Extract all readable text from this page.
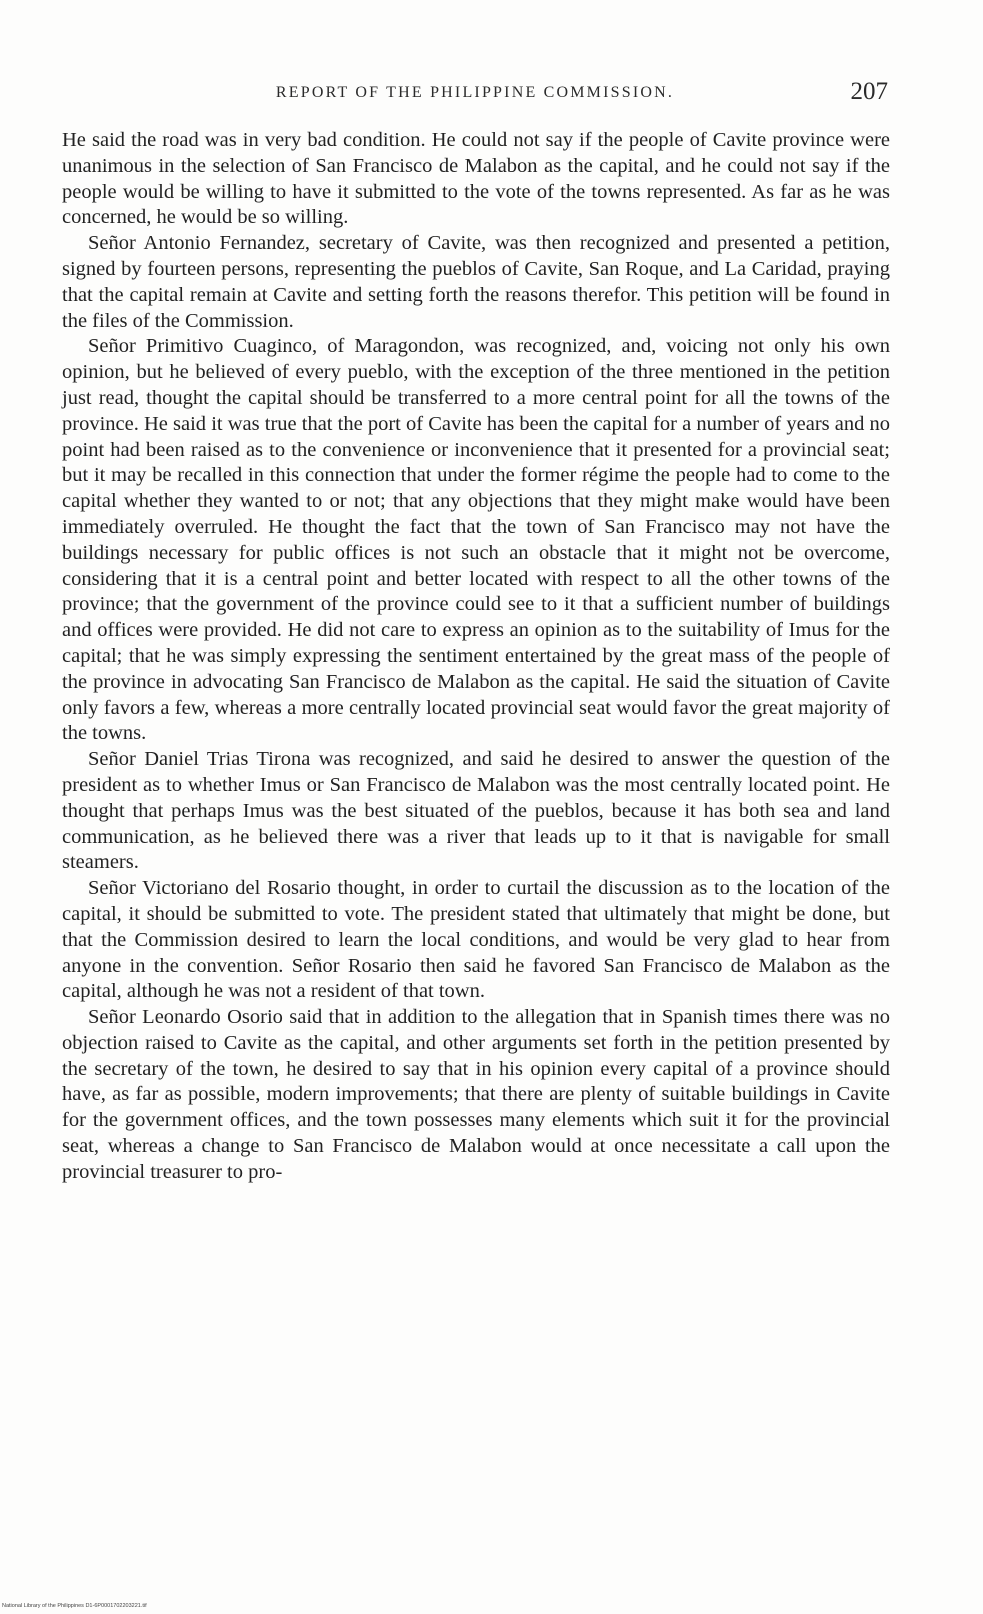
REPORT OF THE PHILIPPINE COMMISSION.	207

He said the road was in very bad condition. He could not say if the people of Cavite province were unanimous in the selection of San Francisco de Malabon as the capital, and he could not say if the people would be willing to have it submitted to the vote of the towns represented. As far as he was concerned, he would be so willing.

Señor Antonio Fernandez, secretary of Cavite, was then recognized and presented a petition, signed by fourteen persons, representing the pueblos of Cavite, San Roque, and La Caridad, praying that the capital remain at Cavite and setting forth the reasons therefor. This petition will be found in the files of the Commission.

Señor Primitivo Cuaginco, of Maragondon, was recognized, and, voicing not only his own opinion, but he believed of every pueblo, with the exception of the three mentioned in the petition just read, thought the capital should be transferred to a more central point for all the towns of the province. He said it was true that the port of Cavite has been the capital for a number of years and no point had been raised as to the convenience or inconvenience that it presented for a provincial seat; but it may be recalled in this connection that under the former régime the people had to come to the capital whether they wanted to or not; that any objections that they might make would have been immediately overruled. He thought the fact that the town of San Francisco may not have the buildings necessary for public offices is not such an obstacle that it might not be overcome, considering that it is a central point and better located with respect to all the other towns of the province; that the government of the province could see to it that a sufficient number of buildings and offices were provided. He did not care to express an opinion as to the suitability of Imus for the capital; that he was simply expressing the sentiment entertained by the great mass of the people of the province in advocating San Francisco de Malabon as the capital. He said the situation of Cavite only favors a few, whereas a more centrally located provincial seat would favor the great majority of the towns.

Señor Daniel Trias Tirona was recognized, and said he desired to answer the question of the president as to whether Imus or San Francisco de Malabon was the most centrally located point. He thought that perhaps Imus was the best situated of the pueblos, because it has both sea and land communication, as he believed there was a river that leads up to it that is navigable for small steamers.

Señor Victoriano del Rosario thought, in order to curtail the discussion as to the location of the capital, it should be submitted to vote. The president stated that ultimately that might be done, but that the Commission desired to learn the local conditions, and would be very glad to hear from anyone in the convention. Señor Rosario then said he favored San Francisco de Malabon as the capital, although he was not a resident of that town.

Señor Leonardo Osorio said that in addition to the allegation that in Spanish times there was no objection raised to Cavite as the capital, and other arguments set forth in the petition presented by the secretary of the town, he desired to say that in his opinion every capital of a province should have, as far as possible, modern improvements; that there are plenty of suitable buildings in Cavite for the government offices, and the town possesses many elements which suit it for the provincial seat, whereas a change to San Francisco de Malabon would at once necessitate a call upon the provincial treasurer to pro-

National Library of the Philippines D1-6P0001702203221.tif
